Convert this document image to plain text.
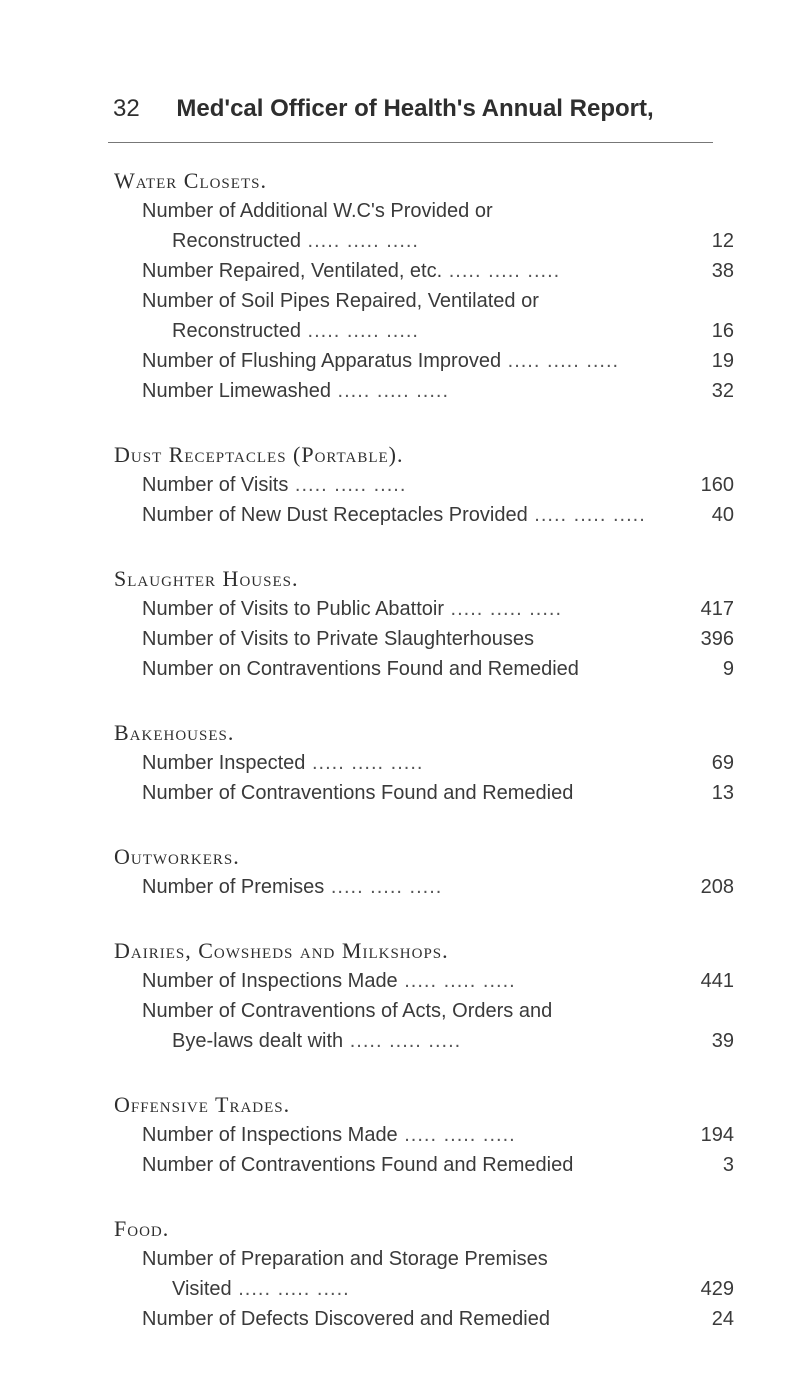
32 Med'cal Officer of Health's Annual Report,
Water Closets.
Number of Additional W.C's Provided or
Reconstructed .....	12
Number Repaired, Ventilated, etc. .....	38
Number of Soil Pipes Repaired, Ventilated or
Reconstructed .....	16
Number of Flushing Apparatus Improved .....	19
Number Limewashed .....	32
Dust Receptacles (Portable).
Number of Visits .....	160
Number of New Dust Receptacles Provided .....	40
Slaughter Houses.
Number of Visits to Public Abattoir .....	417
Number of Visits to Private Slaughterhouses	396
Number on Contraventions Found and Remedied	9
Bakehouses.
Number Inspected .....	69
Number of Contraventions Found and Remedied	13
Outworkers.
Number of Premises .....	208
Dairies, Cowsheds and Milkshops.
Number of Inspections Made .....	441
Number of Contraventions of Acts, Orders and
Bye-laws dealt with .....	39
Offensive Trades.
Number of Inspections Made .....	194
Number of Contraventions Found and Remedied	3
Food.
Number of Preparation and Storage Premises
Visited .....	429
Number of Defects Discovered and Remedied	24
